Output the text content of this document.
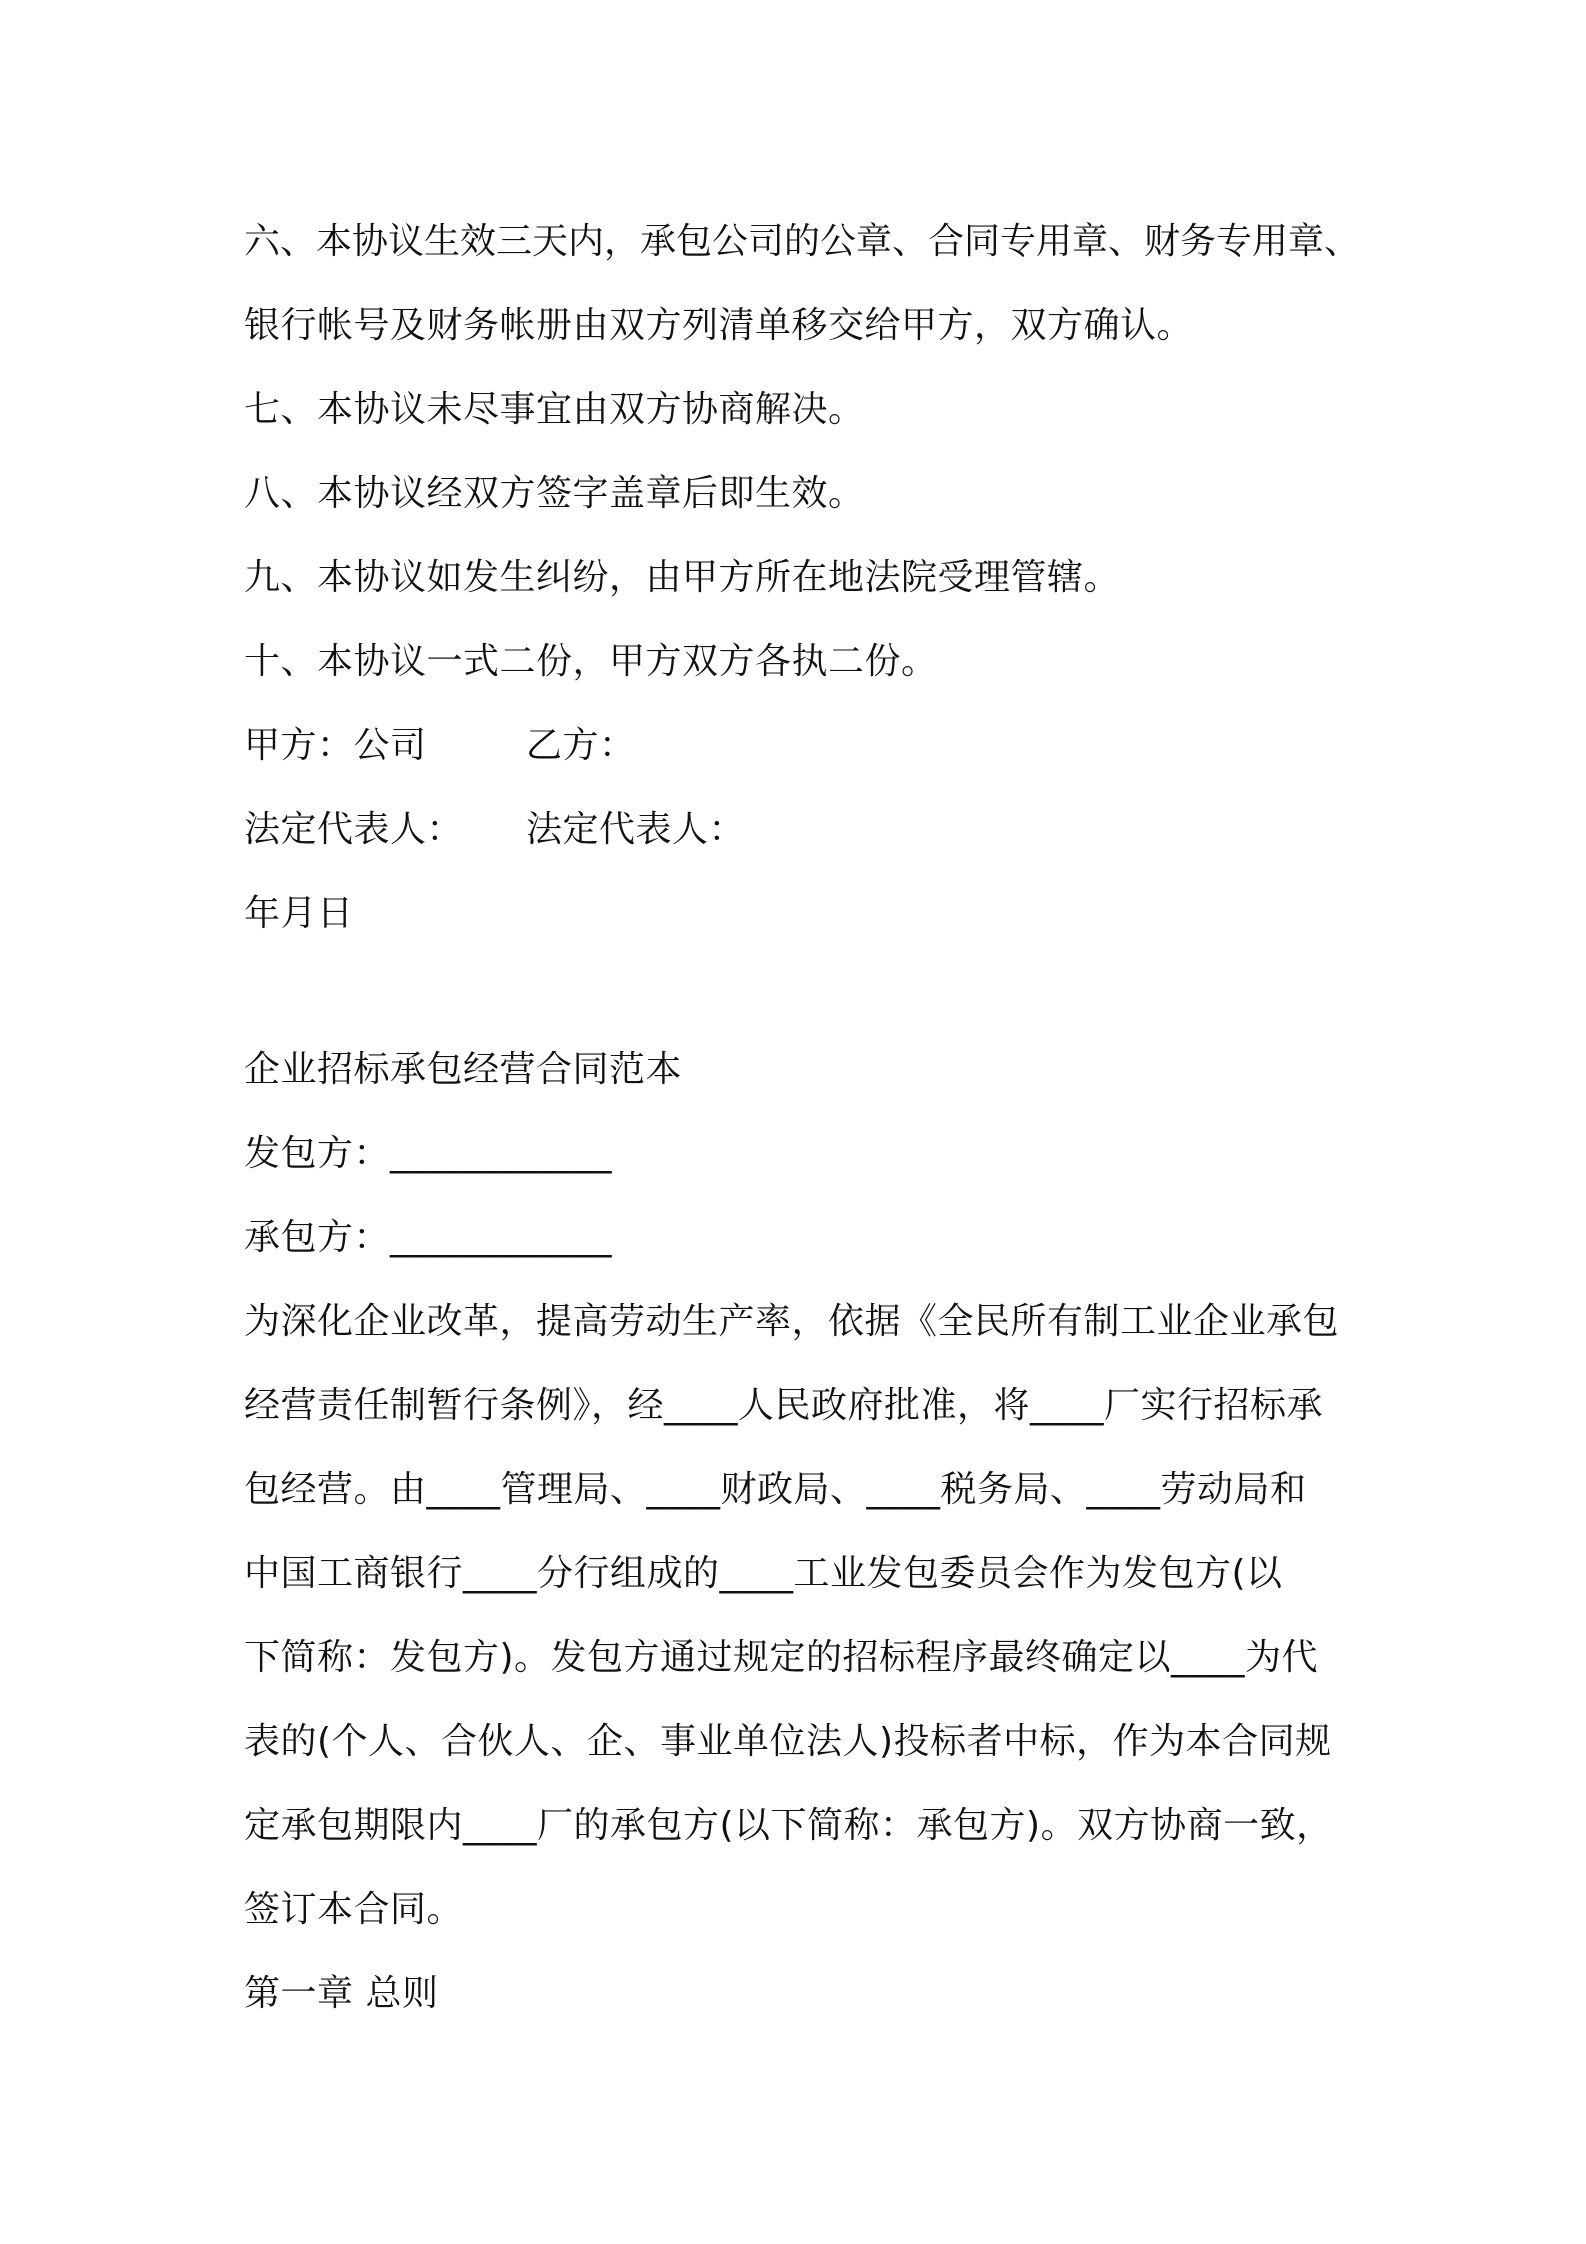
六、本协议生效三天内，承包公司的公章、合同专用章、财务专用章、
银行帐号及财务帐册由双方列清单移交给甲方，双方确认。
七、本协议未尽事宜由双方协商解决。
八、本协议经双方签字盖章后即生效。
九、本协议如发生纠纷，由甲方所在地法院受理管辖。
十、本协议一式二份，甲方双方各执二份。
甲方：公司	乙方：
法定代表人：	法定代表人：
年月日
企业招标承包经营合同范本
发包方：____________
承包方：____________
为深化企业改革，提高劳动生产率，依据《全民所有制工业企业承包
经营责任制暂行条例》，经____人民政府批准，将____厂实行招标承
包经营。由____管理局、____财政局、____税务局、____劳动局和
中国工商银行____分行组成的____工业发包委员会作为发包方(以
下简称：发包方)。发包方通过规定的招标程序最终确定以____为代
表的(个人、合伙人、企、事业单位法人)投标者中标，作为本合同规
定承包期限内____厂的承包方(以下简称：承包方)。双方协商一致，
签订本合同。
第一章 总则
